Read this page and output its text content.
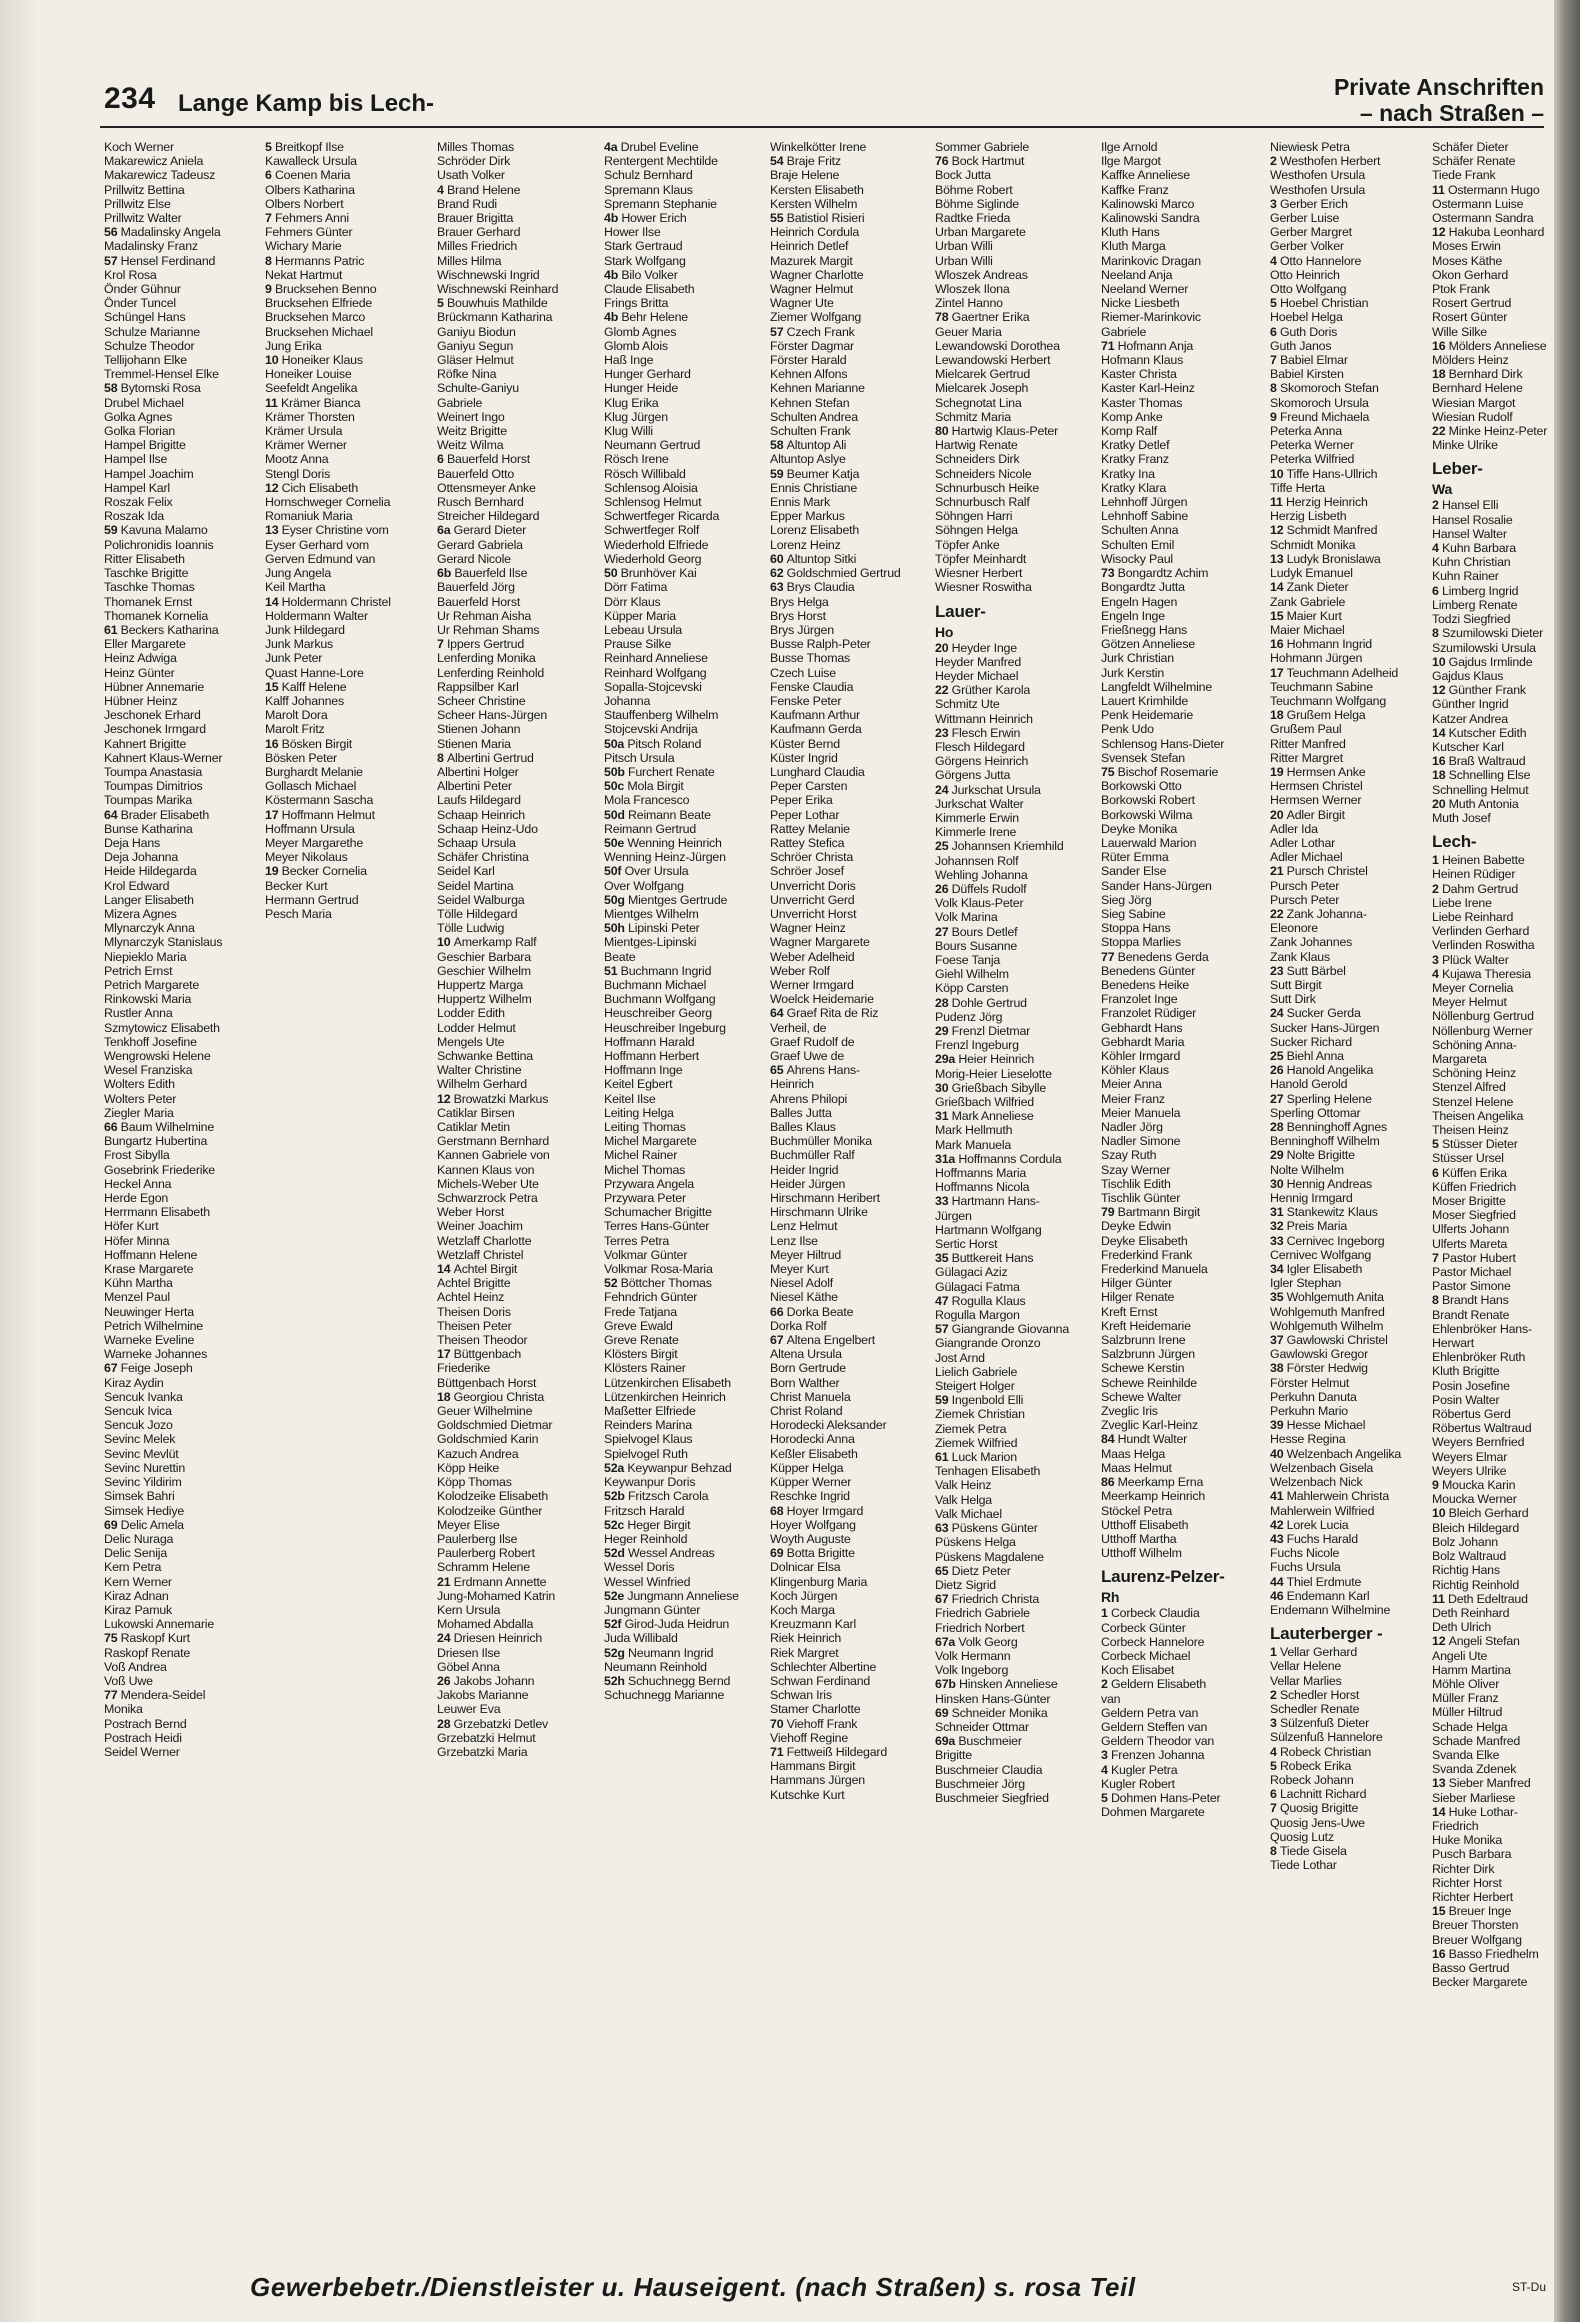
234 Lange Kamp bis Lech-
Private Anschriften
– nach Straßen –
Koch Werner
Makarewicz Aniela
Makarewicz Tadeusz
Prillwitz Bettina
Prillwitz Else
Prillwitz Walter
56 Madalinsky Angela
Madalinsky Franz
57 Hensel Ferdinand
Krol Rosa
Önder Gühnur
Önder Tuncel
Schüngel Hans
Schulze Marianne
Schulze Theodor
Tellijohann Elke
Tremmel-Hensel Elke
58 Bytomski Rosa
Drubel Michael
Golka Agnes
Golka Florian
Hampel Brigitte
Hampel Ilse
Hampel Joachim
Hampel Karl
Roszak Felix
Roszak Ida
59 Kavuna Malamo
Polichronidis Ioannis
Ritter Elisabeth
Taschke Brigitte
Taschke Thomas
Thomanek Ernst
Thomanek Kornelia
61 Beckers Katharina
Eller Margarete
Heinz Adwiga
Heinz Günter
Hübner Annemarie
Hübner Heinz
Jeschonek Erhard
Jeschonek Irmgard
Kahnert Brigitte
Kahnert Klaus-Werner
Toumpa Anastasia
Toumpas Dimitrios
Toumpas Marika
64 Brader Elisabeth
Bunse Katharina
Deja Hans
Deja Johanna
Heide Hildegarda
Krol Edward
Langer Elisabeth
Mizera Agnes
Mlynarczyk Anna
Mlynarczyk Stanislaus
Niepieklo Maria
Petrich Ernst
Petrich Margarete
Rinkowski Maria
Rustler Anna
Szmytowicz Elisabeth
Tenkhoff Josefine
Wengrowski Helene
Wesel Franziska
Wolters Edith
Wolters Peter
Ziegler Maria
66 Baum Wilhelmine
Bungartz Hubertina
Frost Sibylla
Gosebrink Friederike
Heckel Anna
Herde Egon
Herrmann Elisabeth
Höfer Kurt
Höfer Minna
Hoffmann Helene
Krase Margarete
Kühn Martha
Menzel Paul
Neuwinger Herta
Petrich Wilhelmine
Warneke Eveline
Warneke Johannes
67 Feige Joseph
Kiraz Aydin
Sencuk Ivanka
Sencuk Ivica
Sencuk Jozo
Sevinc Melek
Sevinc Mevlüt
Sevinc Nurettin
Sevinc Yildirim
Simsek Bahri
Simsek Hediye
69 Delic Amela
Delic Nuraga
Delic Senija
Kern Petra
Kern Werner
Kiraz Adnan
Kiraz Pamuk
Lukowski Annemarie
75 Raskopf Kurt
Raskopf Renate
Voß Andrea
Voß Uwe
77 Mendera-Seidel
Monika
Postrach Bernd
Postrach Heidi
Seidel Werner
5 Breitkopf Ilse
Kawalleck Ursula
6 Coenen Maria
Olbers Katharina
Olbers Norbert
7 Fehmers Anni
Fehmers Günter
Wichary Marie
8 Hermanns Patric
Nekat Hartmut
9 Brucksehen Benno
Brucksehen Elfriede
Brucksehen Marco
Brucksehen Michael
Jung Erika
10 Honeiker Klaus
Honeiker Louise
Seefeldt Angelika
11 Krämer Bianca
Krämer Thorsten
Krämer Ursula
Krämer Werner
Mootz Anna
Stengl Doris
12 Cich Elisabeth
Hornschweger Cornelia
Romaniuk Maria
13 Eyser Christine vom
Eyser Gerhard vom
Gerven Edmund van
Jung Angela
Keil Martha
14 Holdermann Christel
Holdermann Walter
Junk Hildegard
Junk Markus
Junk Peter
Quast Hanne-Lore
15 Kalff Helene
Kalff Johannes
Marolt Dora
Marolt Fritz
16 Bösken Birgit
Bösken Peter
Burghardt Melanie
Gollasch Michael
Köstermann Sascha
17 Hoffmann Helmut
Hoffmann Ursula
Meyer Margarethe
Meyer Nikolaus
19 Becker Cornelia
Becker Kurt
Hermann Gertrud
Pesch Maria
Milles Thomas
Schröder Dirk
Usath Volker
4 Brand Helene
Brand Rudi
Brauer Brigitta
Brauer Gerhard
Milles Friedrich
Milles Hilma
Wischnewski Ingrid
Wischnewski Reinhard
5 Bouwhuis Mathilde
Brückmann Katharina
Ganiyu Biodun
Ganiyu Segun
Gläser Helmut
Röfke Nina
Schulte-Ganiyu
Gabriele
Weinert Ingo
Weitz Brigitte
Weitz Wilma
6 Bauerfeld Horst
Bauerfeld Otto
Ottensmeyer Anke
Rusch Bernhard
Streicher Hildegard
6a Gerard Dieter
Gerard Gabriela
Gerard Nicole
6b Bauerfeld Ilse
Bauerfeld Jörg
Bauerfeld Horst
Ur Rehman Aisha
Ur Rehman Shams
7 Ippers Gertrud
Lenferding Monika
Lenferding Reinhold
Rappsilber Karl
Scheer Christine
Scheer Hans-Jürgen
Stienen Johann
Stienen Maria
8 Albertini Gertrud
Albertini Holger
Albertini Peter
Laufs Hildegard
Schaap Heinrich
Schaap Heinz-Udo
Schaap Ursula
Schäfer Christina
Seidel Karl
Seidel Martina
Seidel Walburga
Tölle Hildegard
Tölle Ludwig
10 Amerkamp Ralf
Geschier Barbara
Geschier Wilhelm
Huppertz Marga
Huppertz Wilhelm
Lodder Edith
Lodder Helmut
Mengels Ute
Schwanke Bettina
Walter Christine
Wilhelm Gerhard
12 Browatzki Markus
Catiklar Birsen
Catiklar Metin
Gerstmann Bernhard
Kannen Gabriele von
Kannen Klaus von
Michels-Weber Ute
Schwarzrock Petra
Weber Horst
Weiner Joachim
Wetzlaff Charlotte
Wetzlaff Christel
14 Achtel Birgit
Achtel Brigitte
Achtel Heinz
Theisen Doris
Theisen Peter
Theisen Theodor
17 Büttgenbach
Friederike
Büttgenbach Horst
18 Georgiou Christa
Geuer Wilhelmine
Goldschmied Dietmar
Goldschmied Karin
Kazuch Andrea
Köpp Heike
Köpp Thomas
Kolodzeike Elisabeth
Kolodzeike Günther
Meyer Elise
Paulerberg Ilse
Paulerberg Robert
Schramm Helene
21 Erdmann Annette
Jung-Mohamed Katrin
Kern Ursula
Mohamed Abdalla
24 Driesen Heinrich
Driesen Ilse
Göbel Anna
26 Jakobs Johann
Jakobs Marianne
Leuwer Eva
28 Grzebatzki Detlev
Grzebatzki Helmut
Grzebatzki Maria
4a Drubel Eveline
Rentergent Mechtilde
Schulz Bernhard
Spremann Klaus
Spremann Stephanie
4b Hower Erich
Hower Ilse
Stark Gertraud
Stark Wolfgang
4b Bilo Volker
Claude Elisabeth
Frings Britta
4b Behr Helene
Glomb Agnes
Glomb Alois
Haß Inge
Hunger Gerhard
Hunger Heide
Klug Erika
Klug Jürgen
Klug Willi
Neumann Gertrud
Rösch Irene
Rösch Willibald
Schlensog Aloisia
Schlensog Helmut
Schwertfeger Ricarda
Schwertfeger Rolf
Wiederhold Elfriede
Wiederhold Georg
50 Brunhöver Kai
Dörr Fatima
Dörr Klaus
Küpper Maria
Lebeau Ursula
Prause Silke
Reinhard Anneliese
Reinhard Wolfgang
Sopalla-Stojcevski
Johanna
Stauffenberg Wilhelm
Stojcevski Andrija
50a Pitsch Roland
Pitsch Ursula
50b Furchert Renate
50c Mola Birgit
Mola Francesco
50d Reimann Beate
Reimann Gertrud
50e Wenning Heinrich
Wenning Heinz-Jürgen
50f Over Ursula
Over Wolfgang
50g Mientges Gertrude
Mientges Wilhelm
50h Lipinski Peter
Mientges-Lipinski
Beate
51 Buchmann Ingrid
Buchmann Michael
Buchmann Wolfgang
Heuschreiber Georg
Heuschreiber Ingeburg
Hoffmann Harald
Hoffmann Herbert
Hoffmann Inge
Keitel Egbert
Keitel Ilse
Leiting Helga
Leiting Thomas
Michel Margarete
Michel Rainer
Michel Thomas
Przywara Angela
Przywara Peter
Schumacher Brigitte
Terres Hans-Günter
Terres Petra
Volkmar Günter
Volkmar Rosa-Maria
52 Böttcher Thomas
Fehndrich Günter
Frede Tatjana
Greve Ewald
Greve Renate
Klösters Birgit
Klösters Rainer
Lützenkirchen Elisabeth
Lützenkirchen Heinrich
Maßetter Elfriede
Reinders Marina
Spielvogel Klaus
Spielvogel Ruth
52a Keywanpur Behzad
Keywanpur Doris
52b Fritzsch Carola
Fritzsch Harald
52c Heger Birgit
Heger Reinhold
52d Wessel Andreas
Wessel Doris
Wessel Winfried
52e Jungmann Anneliese
Jungmann Günter
52f Girod-Juda Heidrun
Juda Willibald
52g Neumann Ingrid
Neumann Reinhold
52h Schuchnegg Bernd
Schuchnegg Marianne
Winkelkötter Irene
54 Braje Fritz
Braje Helene
Kersten Elisabeth
Kersten Wilhelm
55 Batistiol Risieri
Heinrich Cordula
Heinrich Detlef
Mazurek Margit
Wagner Charlotte
Wagner Helmut
Wagner Ute
Ziemer Wolfgang
57 Czech Frank
Förster Dagmar
Förster Harald
Kehnen Alfons
Kehnen Marianne
Kehnen Stefan
Schulten Andrea
Schulten Frank
58 Altuntop Ali
Altuntop Aslye
59 Beumer Katja
Ennis Christiane
Ennis Mark
Epper Markus
Lorenz Elisabeth
Lorenz Heinz
60 Altuntop Sitki
62 Goldschmied Gertrud
63 Brys Claudia
Brys Helga
Brys Horst
Brys Jürgen
Busse Ralph-Peter
Busse Thomas
Czech Luise
Fenske Claudia
Fenske Peter
Kaufmann Arthur
Kaufmann Gerda
Küster Bernd
Küster Ingrid
Lunghard Claudia
Peper Carsten
Peper Erika
Peper Lothar
Rattey Melanie
Rattey Stefica
Schröer Christa
Schröer Josef
Unverricht Doris
Unverricht Gerd
Unverricht Horst
Wagner Heinz
Wagner Margarete
Weber Adelheid
Weber Rolf
Werner Irmgard
Woelck Heidemarie
64 Graef Rita de Riz
Verheil, de
Graef Rudolf de
Graef Uwe de
65 Ahrens Hans-
Heinrich
Ahrens Philopi
Balles Jutta
Balles Klaus
Buchmüller Monika
Buchmüller Ralf
Heider Ingrid
Heider Jürgen
Hirschmann Heribert
Hirschmann Ulrike
Lenz Helmut
Lenz Ilse
Meyer Hiltrud
Meyer Kurt
Niesel Adolf
Niesel Käthe
66 Dorka Beate
Dorka Rolf
67 Altena Engelbert
Altena Ursula
Born Gertrude
Born Walther
Christ Manuela
Christ Roland
Horodecki Aleksander
Horodecki Anna
Keßler Elisabeth
Küpper Helga
Küpper Werner
Reschke Ingrid
68 Hoyer Irmgard
Hoyer Wolfgang
Woyth Auguste
69 Botta Brigitte
Dolnicar Elsa
Klingenburg Maria
Koch Jürgen
Koch Marga
Kreuzmann Karl
Riek Heinrich
Riek Margret
Schlechter Albertine
Schwan Ferdinand
Schwan Iris
Stamer Charlotte
70 Viehoff Frank
Viehoff Regine
71 Fettweiß Hildegard
Hammans Birgit
Hammans Jürgen
Kutschke Kurt
Sommer Gabriele
76 Bock Hartmut
Bock Jutta
Böhme Robert
Böhme Siglinde
Radtke Frieda
Urban Margarete
Urban Willi
Urban Willi
Wloszek Andreas
Wloszek Ilona
Zintel Hanno
78 Gaertner Erika
Geuer Maria
Lewandowski Dorothea
Lewandowski Herbert
Mielcarek Gertrud
Mielcarek Joseph
Schegnotat Lina
Schmitz Maria
80 Hartwig Klaus-Peter
Hartwig Renate
Schneiders Dirk
Schneiders Nicole
Schnurbusch Heike
Schnurbusch Ralf
Söhngen Harri
Söhngen Helga
Töpfer Anke
Töpfer Meinhardt
Wiesner Herbert
Wiesner Roswitha
Lauer-
Ho
20 Heyder Inge
Heyder Manfred
Heyder Michael
22 Grüther Karola
Schmitz Ute
Wittmann Heinrich
23 Flesch Erwin
Flesch Hildegard
Görgens Heinrich
Görgens Jutta
24 Jurkschat Ursula
Jurkschat Walter
Kimmerle Erwin
Kimmerle Irene
25 Johannsen Kriemhild
Johannsen Rolf
Wehling Johanna
26 Düffels Rudolf
Volk Klaus-Peter
Volk Marina
27 Bours Detlef
Bours Susanne
Foese Tanja
Giehl Wilhelm
Köpp Carsten
28 Dohle Gertrud
Pudenz Jörg
29 Frenzl Dietmar
Frenzl Ingeburg
29a Heier Heinrich
Morig-Heier Lieselotte
30 Grießbach Sibylle
Grießbach Wilfried
31 Mark Anneliese
Mark Hellmuth
Mark Manuela
31a Hoffmanns Cordula
Hoffmanns Maria
Hoffmanns Nicola
33 Hartmann Hans-
Jürgen
Hartmann Wolfgang
Sertic Horst
35 Buttkereit Hans
Gülagaci Aziz
Gülagaci Fatma
47 Rogulla Klaus
Rogulla Margon
57 Giangrande Giovanna
Giangrande Oronzo
Jost Arnd
Lielich Gabriele
Steigert Holger
59 Ingenbold Elli
Ziemek Christian
Ziemek Petra
Ziemek Wilfried
61 Luck Marion
Tenhagen Elisabeth
Valk Heinz
Valk Helga
Valk Michael
63 Püskens Günter
Püskens Helga
Püskens Magdalene
65 Dietz Peter
Dietz Sigrid
67 Friedrich Christa
Friedrich Gabriele
Friedrich Norbert
67a Volk Georg
Volk Hermann
Volk Ingeborg
67b Hinsken Anneliese
Hinsken Hans-Günter
69 Schneider Monika
Schneider Ottmar
69a Buschmeier
Brigitte
Buschmeier Claudia
Buschmeier Jörg
Buschmeier Siegfried
Ilge Arnold
Ilge Margot
Kaffke Anneliese
Kaffke Franz
Kalinowski Marco
Kalinowski Sandra
Kluth Hans
Kluth Marga
Marinkovic Dragan
Neeland Anja
Neeland Werner
Nicke Liesbeth
Riemer-Marinkovic
Gabriele
71 Hofmann Anja
Hofmann Klaus
Kaster Christa
Kaster Karl-Heinz
Kaster Thomas
Komp Anke
Komp Ralf
Kratky Detlef
Kratky Franz
Kratky Ina
Kratky Klara
Lehnhoff Jürgen
Lehnhoff Sabine
Schulten Anna
Schulten Emil
Wisocky Paul
73 Bongardtz Achim
Bongardtz Jutta
Engeln Hagen
Engeln Inge
Frießnegg Hans
Götzen Anneliese
Jurk Christian
Jurk Kerstin
Langfeldt Wilhelmine
Lauert Krimhilde
Penk Heidemarie
Penk Udo
Schlensog Hans-Dieter
Svensek Stefan
75 Bischof Rosemarie
Borkowski Otto
Borkowski Robert
Borkowski Wilma
Deyke Monika
Lauerwald Marion
Rüter Emma
Sander Else
Sander Hans-Jürgen
Sieg Jörg
Sieg Sabine
Stoppa Hans
Stoppa Marlies
77 Benedens Gerda
Benedens Günter
Benedens Heike
Franzolet Inge
Franzolet Rüdiger
Gebhardt Hans
Gebhardt Maria
Köhler Irmgard
Köhler Klaus
Meier Anna
Meier Franz
Meier Manuela
Nadler Jörg
Nadler Simone
Szay Ruth
Szay Werner
Tischlik Edith
Tischlik Günter
79 Bartmann Birgit
Deyke Edwin
Deyke Elisabeth
Frederkind Frank
Frederkind Manuela
Hilger Günter
Hilger Renate
Kreft Ernst
Kreft Heidemarie
Salzbrunn Irene
Salzbrunn Jürgen
Schewe Kerstin
Schewe Reinhilde
Schewe Walter
Zveglic Iris
Zveglic Karl-Heinz
84 Hundt Walter
Maas Helga
Maas Helmut
86 Meerkamp Erna
Meerkamp Heinrich
Stöckel Petra
Utthoff Elisabeth
Utthoff Martha
Utthoff Wilhelm
Laurenz-Pelzer-
Rh
1 Corbeck Claudia
Corbeck Günter
Corbeck Hannelore
Corbeck Michael
Koch Elisabet
2 Geldern Elisabeth
van
Geldern Petra van
Geldern Steffen van
Geldern Theodor van
3 Frenzen Johanna
4 Kugler Petra
Kugler Robert
5 Dohmen Hans-Peter
Dohmen Margarete
Niewiesk Petra
2 Westhofen Herbert
Westhofen Ursula
Westhofen Ursula
3 Gerber Erich
Gerber Luise
Gerber Margret
Gerber Volker
4 Otto Hannelore
Otto Heinrich
Otto Wolfgang
5 Hoebel Christian
Hoebel Helga
6 Guth Doris
Guth Janos
7 Babiel Elmar
Babiel Kirsten
8 Skomoroch Stefan
Skomoroch Ursula
9 Freund Michaela
Peterka Anna
Peterka Werner
Peterka Wilfried
10 Tiffe Hans-Ullrich
Tiffe Herta
11 Herzig Heinrich
Herzig Lisbeth
12 Schmidt Manfred
Schmidt Monika
13 Ludyk Bronislawa
Ludyk Emanuel
14 Zank Dieter
Zank Gabriele
15 Maier Kurt
Maier Michael
16 Hohmann Ingrid
Hohmann Jürgen
17 Teuchmann Adelheid
Teuchmann Sabine
Teuchmann Wolfgang
18 Grußem Helga
Grußem Paul
Ritter Manfred
Ritter Margret
19 Hermsen Anke
Hermsen Christel
Hermsen Werner
20 Adler Birgit
Adler Ida
Adler Lothar
Adler Michael
21 Pursch Christel
Pursch Peter
Pursch Peter
22 Zank Johanna-
Eleonore
Zank Johannes
Zank Klaus
23 Sutt Bärbel
Sutt Birgit
Sutt Dirk
24 Sucker Gerda
Sucker Hans-Jürgen
Sucker Richard
25 Biehl Anna
26 Hanold Angelika
Hanold Gerold
27 Sperling Helene
Sperling Ottomar
28 Benninghoff Agnes
Benninghoff Wilhelm
29 Nolte Brigitte
Nolte Wilhelm
30 Hennig Andreas
Hennig Irmgard
31 Stankewitz Klaus
32 Preis Maria
33 Cernivec Ingeborg
Cernivec Wolfgang
34 Igler Elisabeth
Igler Stephan
35 Wohlgemuth Anita
Wohlgemuth Manfred
Wohlgemuth Wilhelm
37 Gawlowski Christel
Gawlowski Gregor
38 Förster Hedwig
Förster Helmut
Perkuhn Danuta
Perkuhn Mario
39 Hesse Michael
Hesse Regina
40 Welzenbach Angelika
Welzenbach Gisela
Welzenbach Nick
41 Mahlerwein Christa
Mahlerwein Wilfried
42 Lorek Lucia
43 Fuchs Harald
Fuchs Nicole
Fuchs Ursula
44 Thiel Erdmute
46 Endemann Karl
Endemann Wilhelmine
Lauterberger -
1 Vellar Gerhard
Vellar Helene
Vellar Marlies
2 Schedler Horst
Schedler Renate
3 Sülzenfuß Dieter
Sülzenfuß Hannelore
4 Robeck Christian
5 Robeck Erika
Robeck Johann
6 Lachnitt Richard
7 Quosig Brigitte
Quosig Jens-Uwe
Quosig Lutz
8 Tiede Gisela
Tiede Lothar
Schäfer Dieter
Schäfer Renate
Tiede Frank
11 Ostermann Hugo
Ostermann Luise
Ostermann Sandra
12 Hakuba Leonhard
Moses Erwin
Moses Käthe
Okon Gerhard
Ptok Frank
Rosert Gertrud
Rosert Günter
Wille Silke
16 Mölders Anneliese
Mölders Heinz
18 Bernhard Dirk
Bernhard Helene
Wiesian Margot
Wiesian Rudolf
22 Minke Heinz-Peter
Minke Ulrike
Leber-
Wa
2 Hansel Elli
Hansel Rosalie
Hansel Walter
4 Kuhn Barbara
Kuhn Christian
Kuhn Rainer
6 Limberg Ingrid
Limberg Renate
Todzi Siegfried
8 Szumilowski Dieter
Szumilowski Ursula
10 Gajdus Irmlinde
Gajdus Klaus
12 Günther Frank
Günther Ingrid
Katzer Andrea
14 Kutscher Edith
Kutscher Karl
16 Braß Waltraud
18 Schnelling Else
Schnelling Helmut
20 Muth Antonia
Muth Josef
Lech-
1 Heinen Babette
Heinen Rüdiger
2 Dahm Gertrud
Liebe Irene
Liebe Reinhard
Verlinden Gerhard
Verlinden Roswitha
3 Plück Walter
4 Kujawa Theresia
Meyer Cornelia
Meyer Helmut
Nöllenburg Gertrud
Nöllenburg Werner
Schöning Anna-
Margareta
Schöning Heinz
Stenzel Alfred
Stenzel Helene
Theisen Angelika
Theisen Heinz
5 Stüsser Dieter
Stüsser Ursel
6 Küffen Erika
Küffen Friedrich
Moser Brigitte
Moser Siegfried
Ulferts Johann
Ulferts Mareta
7 Pastor Hubert
Pastor Michael
Pastor Simone
8 Brandt Hans
Brandt Renate
Ehlenbröker Hans-
Herwart
Ehlenbröker Ruth
Kluth Brigitte
Posin Josefine
Posin Walter
Röbertus Gerd
Röbertus Waltraud
Weyers Bernfried
Weyers Elmar
Weyers Ulrike
9 Moucka Karin
Moucka Werner
10 Bleich Gerhard
Bleich Hildegard
Bolz Johann
Bolz Waltraud
Richtig Hans
Richtig Reinhold
11 Deth Edeltraud
Deth Reinhard
Deth Ulrich
12 Angeli Stefan
Angeli Ute
Hamm Martina
Möhle Oliver
Müller Franz
Müller Hiltrud
Schade Helga
Schade Manfred
Svanda Elke
Svanda Zdenek
13 Sieber Manfred
Sieber Marliese
14 Huke Lothar-
Friedrich
Huke Monika
Pusch Barbara
Richter Dirk
Richter Horst
Richter Herbert
15 Breuer Inge
Breuer Thorsten
Breuer Wolfgang
16 Basso Friedhelm
Basso Gertrud
Becker Margarete
Gewerbebetr./Dienstleister u. Hauseigent. (nach Straßen) s. rosa Teil	ST-Du
